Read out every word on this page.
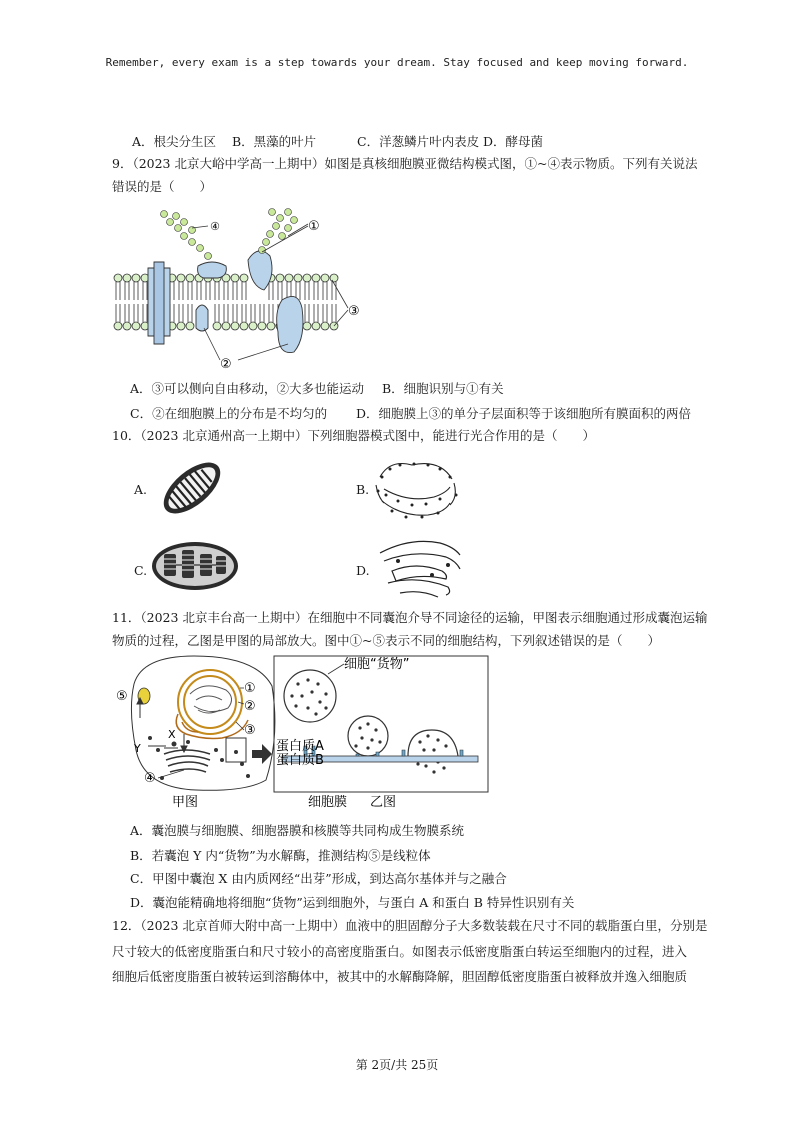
Remember, every exam is a step towards your dream. Stay focused and keep moving forward.
A．根尖分生区 B．黑藻的叶片	C．洋葱鳞片叶内表皮 D．酵母菌
9．（2023 北京大峪中学高一上期中）如图是真核细胞膜亚微结构模式图，①~④表示物质。下列有关说法
错误的是（　　）
④	①
③
②
A．③可以侧向自由移动，②大多也能运动 B．细胞识别与①有关
C．②在细胞膜上的分布是不均匀的 D．细胞膜上③的单分子层面积等于该细胞所有膜面积的两倍
10．（2023 北京通州高一上期中）下列细胞器模式图中，能进行光合作用的是（　　）
A.	B.
C.	D.
11．（2023 北京丰台高一上期中）在细胞中不同囊泡介导不同途径的运输，甲图表示细胞通过形成囊泡运输
物质的过程，乙图是甲图的局部放大。图中①~⑤表示不同的细胞结构，下列叙述错误的是（　　）
①
②
③
⑤
④
Y
X
甲图
细胞“货物”
蛋白质A
蛋白质B
细胞膜 乙图
A．囊泡膜与细胞膜、细胞器膜和核膜等共同构成生物膜系统
B．若囊泡 Y 内“货物”为水解酶，推测结构⑤是线粒体
C．甲图中囊泡 X 由内质网经“出芽”形成，到达高尔基体并与之融合
D．囊泡能精确地将细胞“货物”运到细胞外，与蛋白 A 和蛋白 B 特异性识别有关
12．（2023 北京首师大附中高一上期中）血液中的胆固醇分子大多数装载在尺寸不同的载脂蛋白里，分别是
尺寸较大的低密度脂蛋白和尺寸较小的高密度脂蛋白。如图表示低密度脂蛋白转运至细胞内的过程，进入
细胞后低密度脂蛋白被转运到溶酶体中，被其中的水解酶降解，胆固醇低密度脂蛋白被释放并逸入细胞质
第 2页/共 25页
